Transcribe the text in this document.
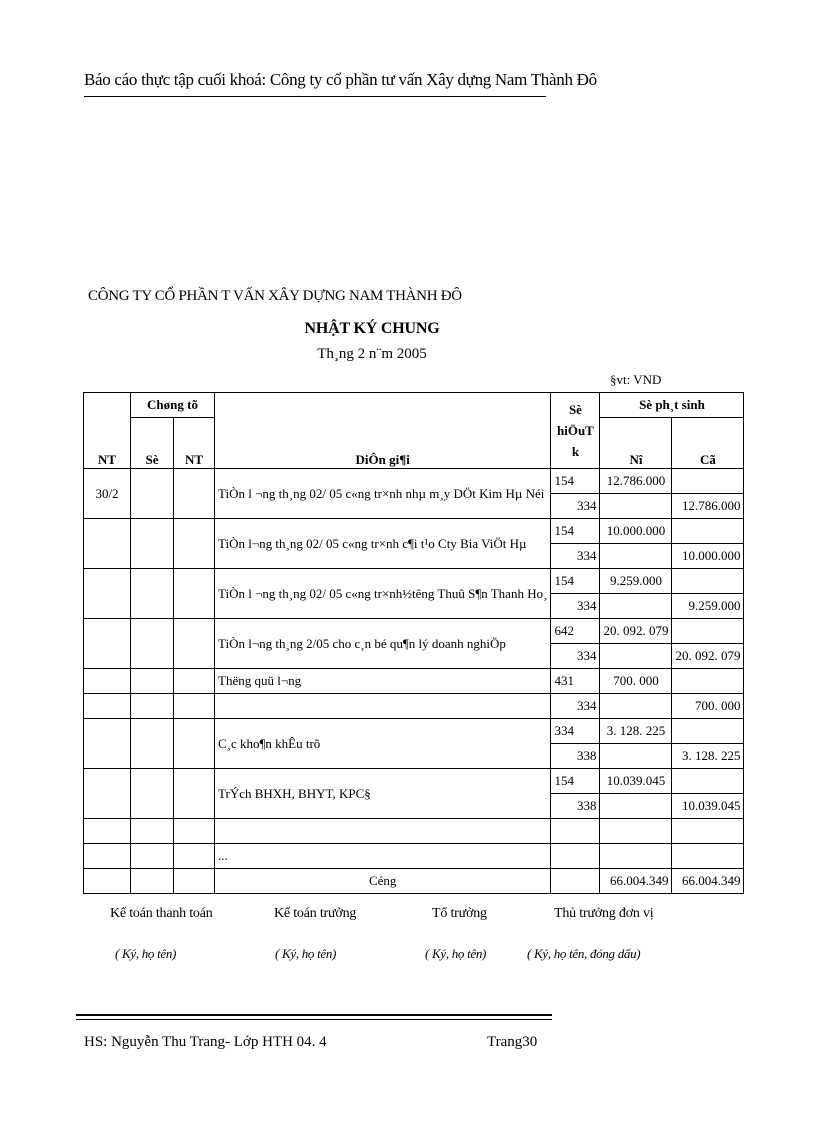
Báo cáo thực tập cuối khoá: Công ty cổ phần tư vấn Xây dựng Nam Thành Đô
CÔNG TY CỔ PHẦN T VẤN XÂY DỰNG NAM THÀNH ĐÔ
NHẬT KÝ CHUNG
Th¸ng 2 n¨m 2005
§vt: VND
NT	Chøng tõ		DiÔn gi¶i	Sè hiÖuT k	Sè ph¸t sinh	
	Sè	NT			Nî	Cã

30/2			TiÒn l ¬ng th¸ng 02/ 05 c«ng tr×nh nhµ m¸y DÖt Kim Hµ Néi	154	12.786.000	
				334		12.786.000
			TiÒn l¬ng th¸ng 02/ 05 c«ng tr×nh c¶i t¹o Cty Bia ViÖt Hµ	154	10.000.000	
				334		10.000.000
			TiÒn l ¬ng th¸ng 02/ 05 c«ng tr×nh½têng Thuû S¶n Thanh Ho¸	154	9.259.000	
				334		9.259.000
			TiÒn l¬ng th¸ng 2/05 cho c¸n bé qu¶n lý doanh nghiÖp	642	20. 092. 079	
				334		20. 092. 079
			Thëng quü l¬ng	431	700. 000	
				334		700. 000
			C¸c kho¶n khÊu trõ	334	3. 128. 225	
				338		3. 128. 225
			TrÝch BHXH, BHYT, KPC§	154	10.039.045	
				338		10.039.045

			...			
			Céng		66.004.349	66.004.349
Kế toán thanh toán	Kế toán trưởng	Tổ trưởng	Thủ trưởng đơn vị
( Ký, họ tên)	( Ký, họ tên)	( Ký, họ tên)	( Ký, họ tên, đóng dấu)
HS: Nguyễn Thu Trang- Lớp HTH 04. 4	Trang30
